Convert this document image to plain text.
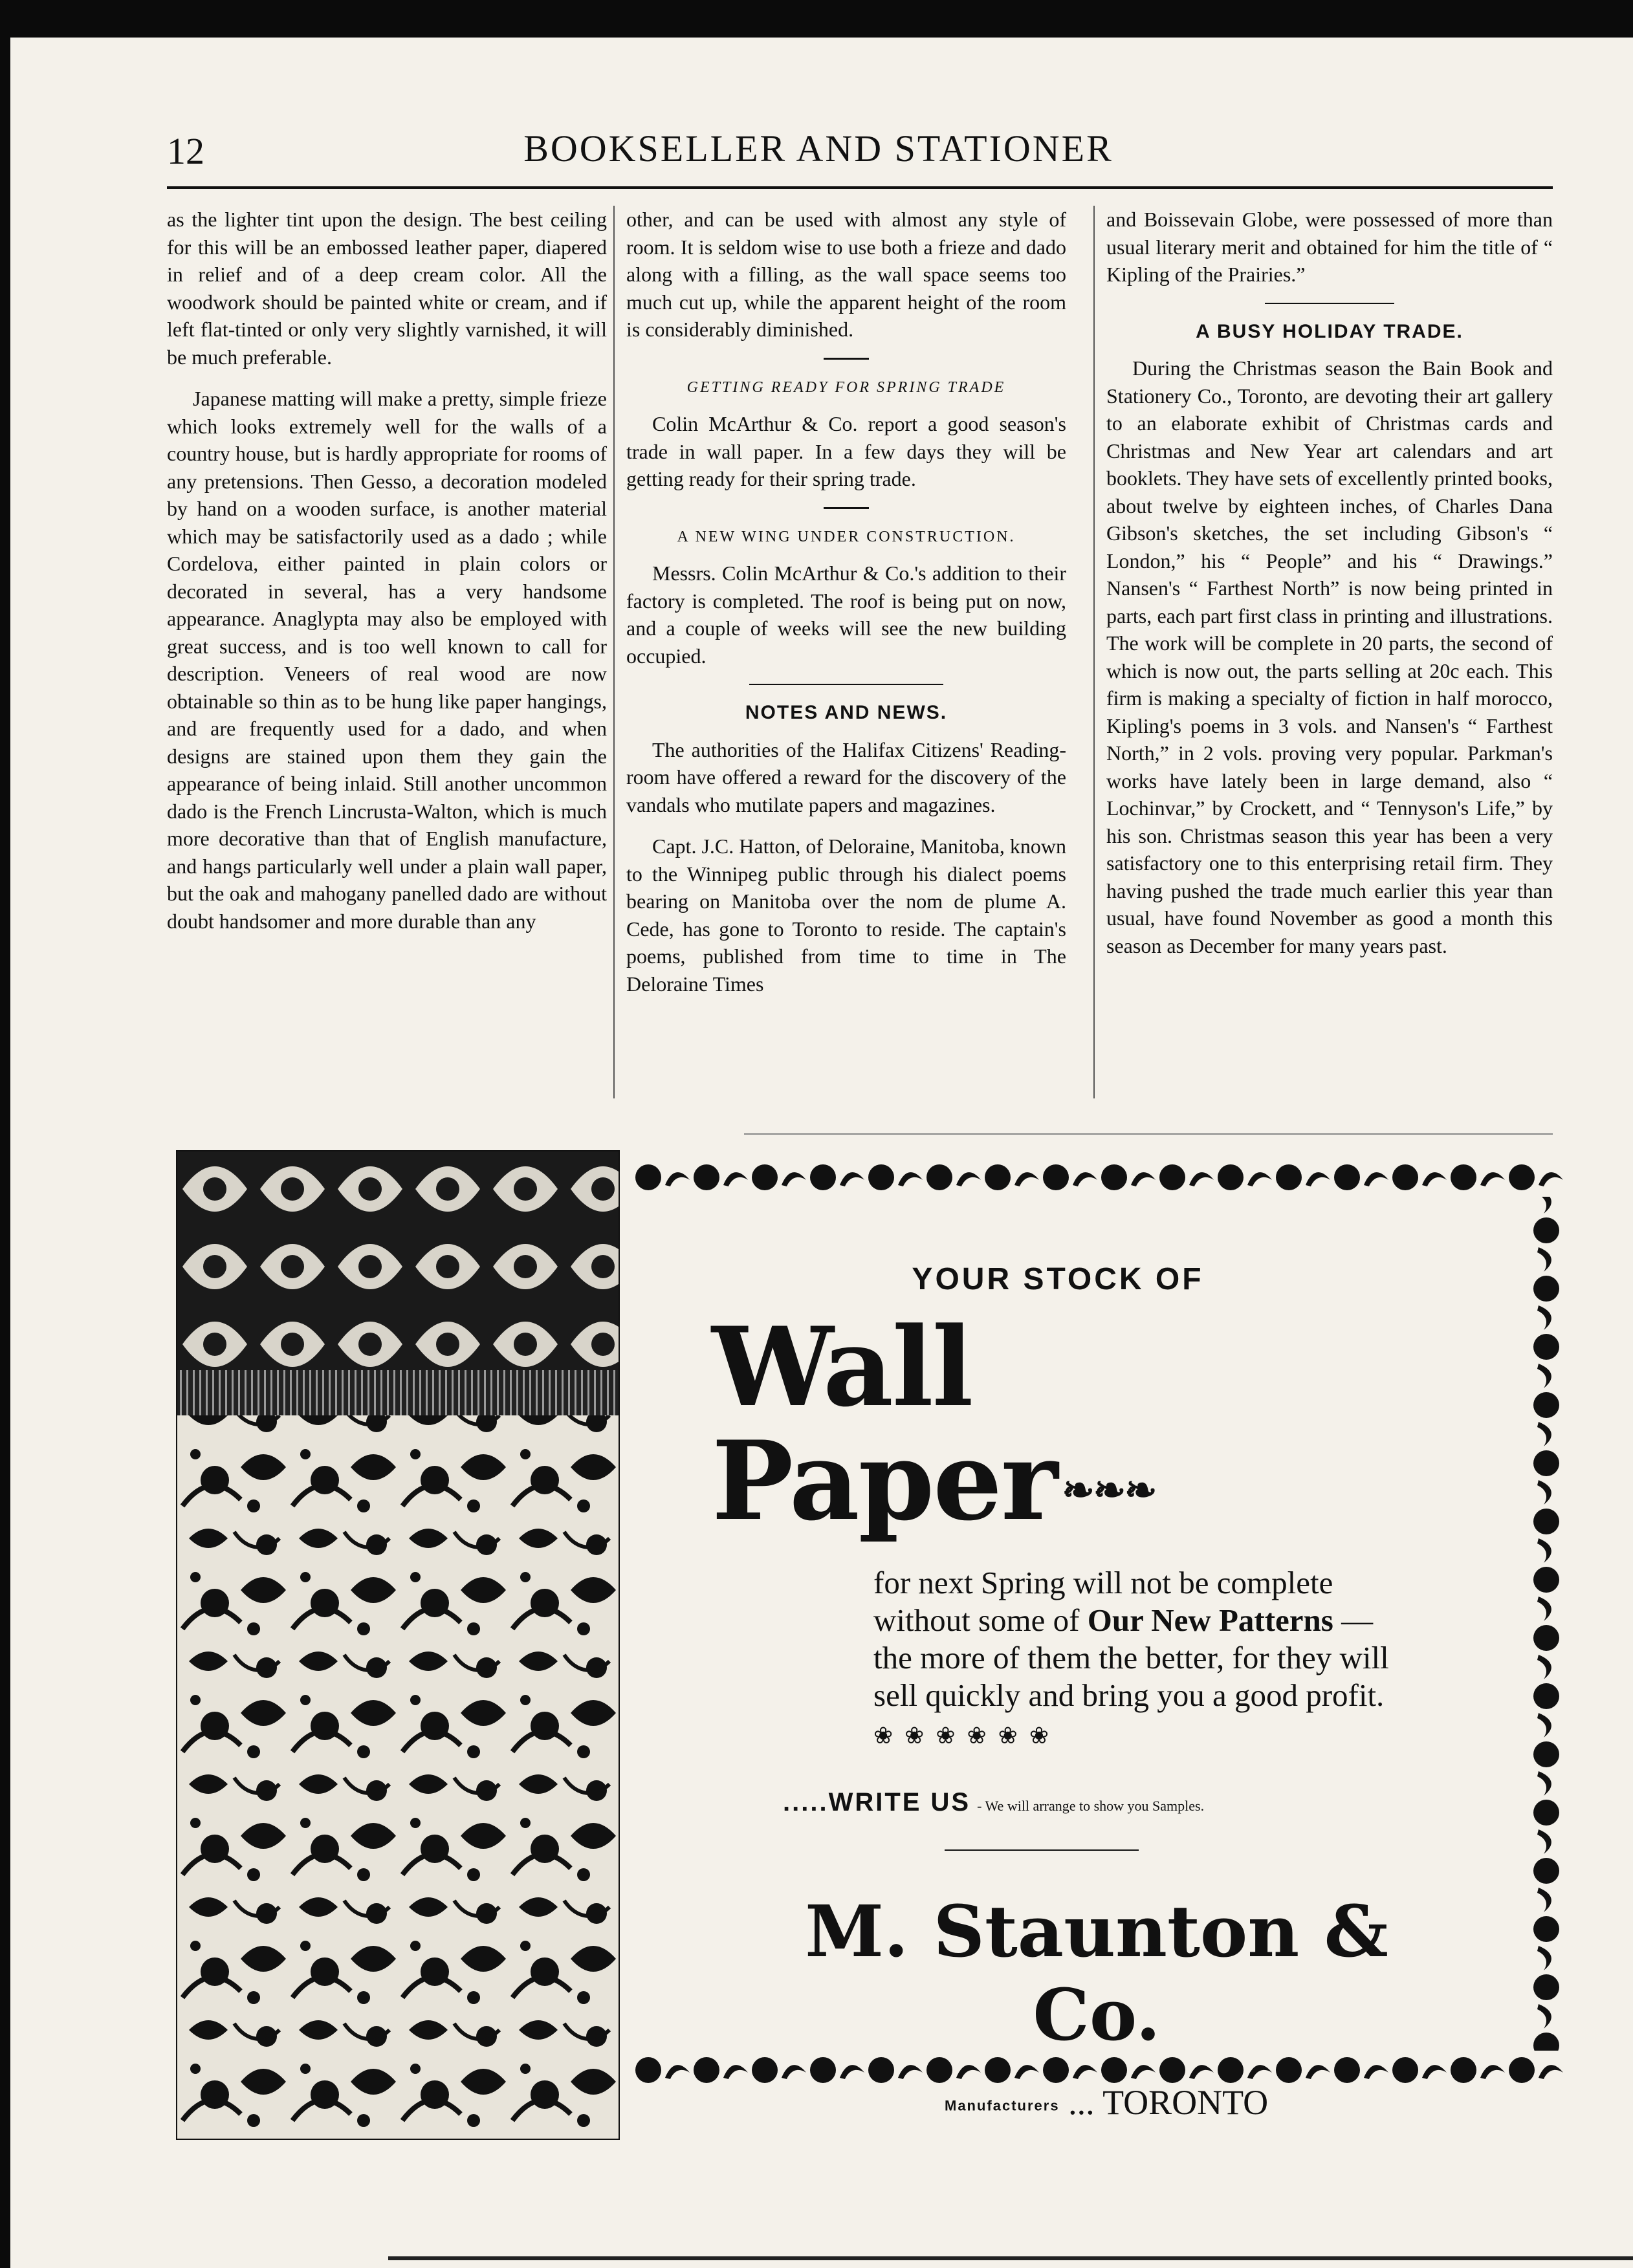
12	BOOKSELLER AND STATIONER

as the lighter tint upon the design. The best ceiling for this will be an embossed leather paper, diapered in relief and of a deep cream color. All the woodwork should be painted white or cream, and if left flat-tinted or only very slightly varnished, it will be much preferable.

Japanese matting will make a pretty, simple frieze which looks extremely well for the walls of a country house, but is hardly appropriate for rooms of any pretensions. Then Gesso, a decoration modeled by hand on a wooden surface, is another material which may be satisfactorily used as a dado ; while Cordelova, either painted in plain colors or decorated in several, has a very handsome appearance. Anaglypta may also be employed with great success, and is too well known to call for description. Veneers of real wood are now obtainable so thin as to be hung like paper hangings, and are frequently used for a dado, and when designs are stained upon them they gain the appearance of being inlaid. Still another uncommon dado is the French Lincrusta-Walton, which is much more decorative than that of English manufacture, and hangs particularly well under a plain wall paper, but the oak and mahogany panelled dado are without doubt handsomer and more durable than any

other, and can be used with almost any style of room. It is seldom wise to use both a frieze and dado along with a filling, as the wall space seems too much cut up, while the apparent height of the room is considerably diminished.

GETTING READY FOR SPRING TRADE

Colin McArthur & Co. report a good season's trade in wall paper. In a few days they will be getting ready for their spring trade.

A NEW WING UNDER CONSTRUCTION.

Messrs. Colin McArthur & Co.'s addition to their factory is completed. The roof is being put on now, and a couple of weeks will see the new building occupied.

NOTES AND NEWS.

The authorities of the Halifax Citizens' Reading-room have offered a reward for the discovery of the vandals who mutilate papers and magazines.

Capt. J.C. Hatton, of Deloraine, Manitoba, known to the Winnipeg public through his dialect poems bearing on Manitoba over the nom de plume A. Cede, has gone to Toronto to reside. The captain's poems, published from time to time in The Deloraine Times

and Boissevain Globe, were possessed of more than usual literary merit and obtained for him the title of “ Kipling of the Prairies.”

A BUSY HOLIDAY TRADE.

During the Christmas season the Bain Book and Stationery Co., Toronto, are devoting their art gallery to an elaborate exhibit of Christmas cards and Christmas and New Year art calendars and art booklets. They have sets of excellently printed books, about twelve by eighteen inches, of Charles Dana Gibson's sketches, the set including Gibson's “ London,” his “ People” and his “ Drawings.” Nansen's “ Farthest North” is now being printed in parts, each part first class in printing and illustrations. The work will be complete in 20 parts, the second of which is now out, the parts selling at 20c each. This firm is making a specialty of fiction in half morocco, Kipling's poems in 3 vols. and Nansen's “ Farthest North,” in 2 vols. proving very popular. Parkman's works have lately been in large demand, also “ Lochinvar,” by Crockett, and “ Tennyson's Life,” by his son. Christmas season this year has been a very satisfactory one to this enterprising retail firm. They having pushed the trade much earlier this year than usual, have found November as good a month this season as December for many years past.

YOUR STOCK OF
Wall Paper ❧❧❧
for next Spring will not be complete without some of Our New Patterns —the more of them the better, for they will sell quickly and bring you a good profit. ❀❀❀❀❀❀
.....WRITE US - We will arrange to show you Samples.
M. Staunton & Co.
Manufacturers ... TORONTO
